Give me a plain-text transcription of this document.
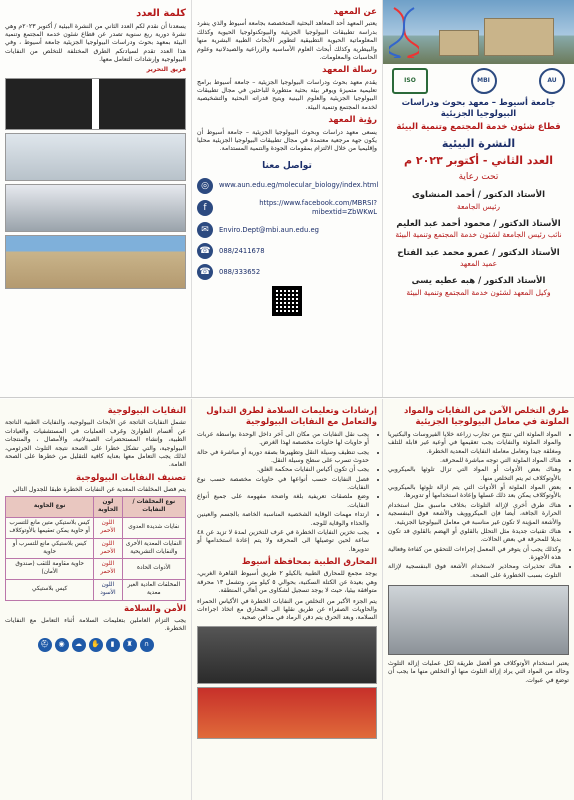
ISO	MBI	AU
جامعة أسيوط – معهد بحوث ودراسات البيولوجيا الجزيئية
قطاع شئون خدمة المجتمع وتنمية البيئة
النشرة البيئية
العدد الثاني - أكتوبر ٢٠٢٣ م
تحت رعاية
الأستاذ الدكتور / أحمد المنشاوى
رئيس الجامعة
الأستاذ الدكتور / محمود أحمد عبد العليم
نائب رئيس الجامعة لشئون خدمة المجتمع وتنمية البيئة
الأستاذ الدكتور / عمرو محمد عبد الفتاح
عميد المعهد
الأستاذ الدكتور / هبه عطيه يسى
وكيل المعهد لشئون خدمة المجتمع وتنمية البيئة
عن المعهد

يعتبر المعهد أحد المعاهد البحثية المتخصصة بجامعة أسيوط والذي ينفرد بدراسة تطبيقات البيولوجيا الجزيئية والبيوتكنولوجيا الحيوية وكذلك المعلوماتية الحيوية التطبيقية لتطوير الأبحاث الطبية البشرية منها والبيطرية وكذلك أبحاث العلوم الأساسية والزراعية والصيدلانية وعلوم الحاسبات والمعلومات.

رسالة المعهد

يقدم معهد بحوث ودراسات البيولوجيا الجزيئية – جامعة أسيوط برامج تعليمية متميزة ويوفر بيئة بحثية متطورة للباحثين في مجال تطبيقات البيولوجيا الجزيئية والعلوم البينية ويتيح قدراته البحثية والتشخيصية لخدمة المجتمع وتنمية البيئة.

رؤية المعهد

يسعى معهد دراسات وبحوث البيولوجيا الجزيئية – جامعة أسيوط أن يكون جهة مرجعية معتمدة في مجال تطبيقات البيولوجيا الجزيئية محليا وإقليميا من خلال الالتزام بمقومات الجودة والتنمية المستدامة.

تواصل معنا
◎	www.aun.edu.eg/molecular_biology/index.html
f
https://www.facebook.com/MBRSI?mibextid=ZbWKwL
✉	Enviro.Dept@mbi.aun.edu.eg
☎	088/2411678
☎	088/333652
كلمة العدد

يسعدنا أن نقدم لكم العدد الثاني من النشرة البيئية / أكتوبر ٢٠٢٣م وهي نشرة دورية ربع سنوية تصدر عن قطاع شئون خدمة المجتمع وتنمية البيئة بمعهد بحوث ودراسات البيولوجيا الجزيئية جامعة أسيوط ، وفي هذا العدد تقدم لسيادتكم الطرق المختلفة للتخلص من النفايات البيولوجية وإرشادات التعامل معها.

فريق التحرير
طرق التخلص الآمن من النفايات والمواد الملوثة في معامل البيولوجيا الجزيئية
• المواد الملوثة التي تنتج من تجارب زراعة خلايا الفيروسات والبكتيريا والمواد الملوثة والنفايات يجب تعقيمها في أوعية غير قابلة للتلف ومغلقة جيدا وتعامل معاملة النفايات المعدية الخطرة.
• هناك المواد الملوثة التي توجه مباشرة للمحرقة.
• وهناك بعض الأدوات أو المواد التي تزال تلوثها بالميكروبي بالأوتوكلاف ثم يتم التخلص منها.
• بعض المواد الملوثة أو الأدوات التي يتم ازالة تلوثها بالميكروبي بالأوتوكلاف يمكن بعد ذلك غسلها وإعادة استخدامها أو تدويرها.
• هناك طرق أخرى لإزالة التلوثات بخلاف ماسبق مثل استخدام الحرارة الجافة، أيضا فإن الميكروويف والأشعة فوق البنفسجية والأشعة المؤينة لا تكون غير مناسبة في معامل البيولوجيا الجزيئية.
• هناك تقنيات جديدة مثل التحلل بالقلوي أو الهضم بالقلوي قد تكون بديلا للمحرقة في بعض الحالات.
• وكذلك يجب أن يتوفر في المعمل إجراءات للتحقق من كفاءة وفعالية هذه الأجهزة.
• هناك تحذيرات ومحاذير لاستخدام الأشعة فوق البنفسجية لإزالة التلوث بسبب الخطورة على الصحة.

يعتبر استخدام الأوتوكلاف هو أفضل طريقة لكل عمليات إزالة التلوث وحالة من المواد التي يراد إزالة التلوث منها أو التخلص منها ما يجب أن توضع في عبوات.

إرشادات وتعليمات السلامة لطرق التداول والتعامل مع النفايات البيولوجية
• يجب نقل النفايات من مكان الى آخر داخل الوحدة بواسطة عربات أو حاويات لها حاويات مخصصة لهذا الغرض.
• يجب تنظيف وسيلة النقل وتطهيرها بصفة دورية أو مباشرة في حالة حدوث تسرب على سطح وسيلة النقل.
• يجب أن تكون أكياس النفايات محكمة الغلق.
• فصل النفايات حسب أنواعها في حاويات مخصصة حسب نوع النفايات.
• وضع ملصقات تعريفية بلغة واضحة مفهومة على جميع أنواع النفايات.
• ارتداء مهمات الوقاية الشخصية المناسبة الخاصة بالجسم والعينين والحذاء والوقاية للوجه.
• يجب تخزين النفايات الخطرة في غرف للتخزين لمدة لا تزيد عن ٤٨ ساعة لحين توصيلها الى المحرقة ولا يتم إعادة استخدامها أو تدويرها.
المحارق الطبية بمحافظة أسيوط

يوجد مجمع للمحارق الطبية بالكيلو ٢ طريق أسيوط القاهرة الغربي، وهي بعيدة عن الكتلة السكنية، بحوالي ٥ كيلو متر، وتشمل ١٣ محرقة متوافقة بيئيا، حيث لا يوجد تسجيل لشكاوى من أهالي المنطقة.

يتم الجزء الأكبر من التخلص من النفايات الخطرة في الأكياس الحمراء والحاويات الصفراء عن طريق نقلها الى المحارق مع اتخاذ اجراءات السلامة، وبعد الحرق يتم دفن الرماد في مدافن صحية.

النفايات البيولوجية

تشمل النفايات الناتجة عن الأبحاث البيولوجية، والنفايات الطبية الناتجة عن أقسام الطوارئ وغرف العمليات في المستشفيات والعيادات الطبية، وإنشاء المستحضرات الصيدلانية، والأمصال ، والمنتجات البيولوجية، والتي تشكل خطرا على الصحة نتيجة التلوث الجرثومي، لذلك يجب التعامل معها بعناية كافية للتقليل من خطرها على الصحة العامة.

تصنيف النفايات البيولوجية

يتم فصل المخلفات المعدية عن النفايات الخطرة طبقا للجدول التالي

نوع المخلفات / النفايات	لون الحاوية	نوع الحاوية
نفايات شديدة العدوى	اللون الأحمر	كيس بلاستيكي متين مانع للتسرب أو حاوية يمكن تعقيمها بالأوتوكلاف
النفايات المعدية الأخرى والنفايات التشريحية	اللون الأحمر	كيس بلاستيكي مانع للتسرب أو حاوية
الأدوات الحادة	اللون الأحمر	حاوية مقاومة للثقب (صندوق الأمان)
المخلفات العادية الغير معدية	اللون الأسود	كيس بلاستيكي
الأمن والسلامة

يجب التزام العاملين بتعليمات السلامة أثناء التعامل مع النفايات الخطرة.

⛑	◉	☁	✋	▮	♜	∩
